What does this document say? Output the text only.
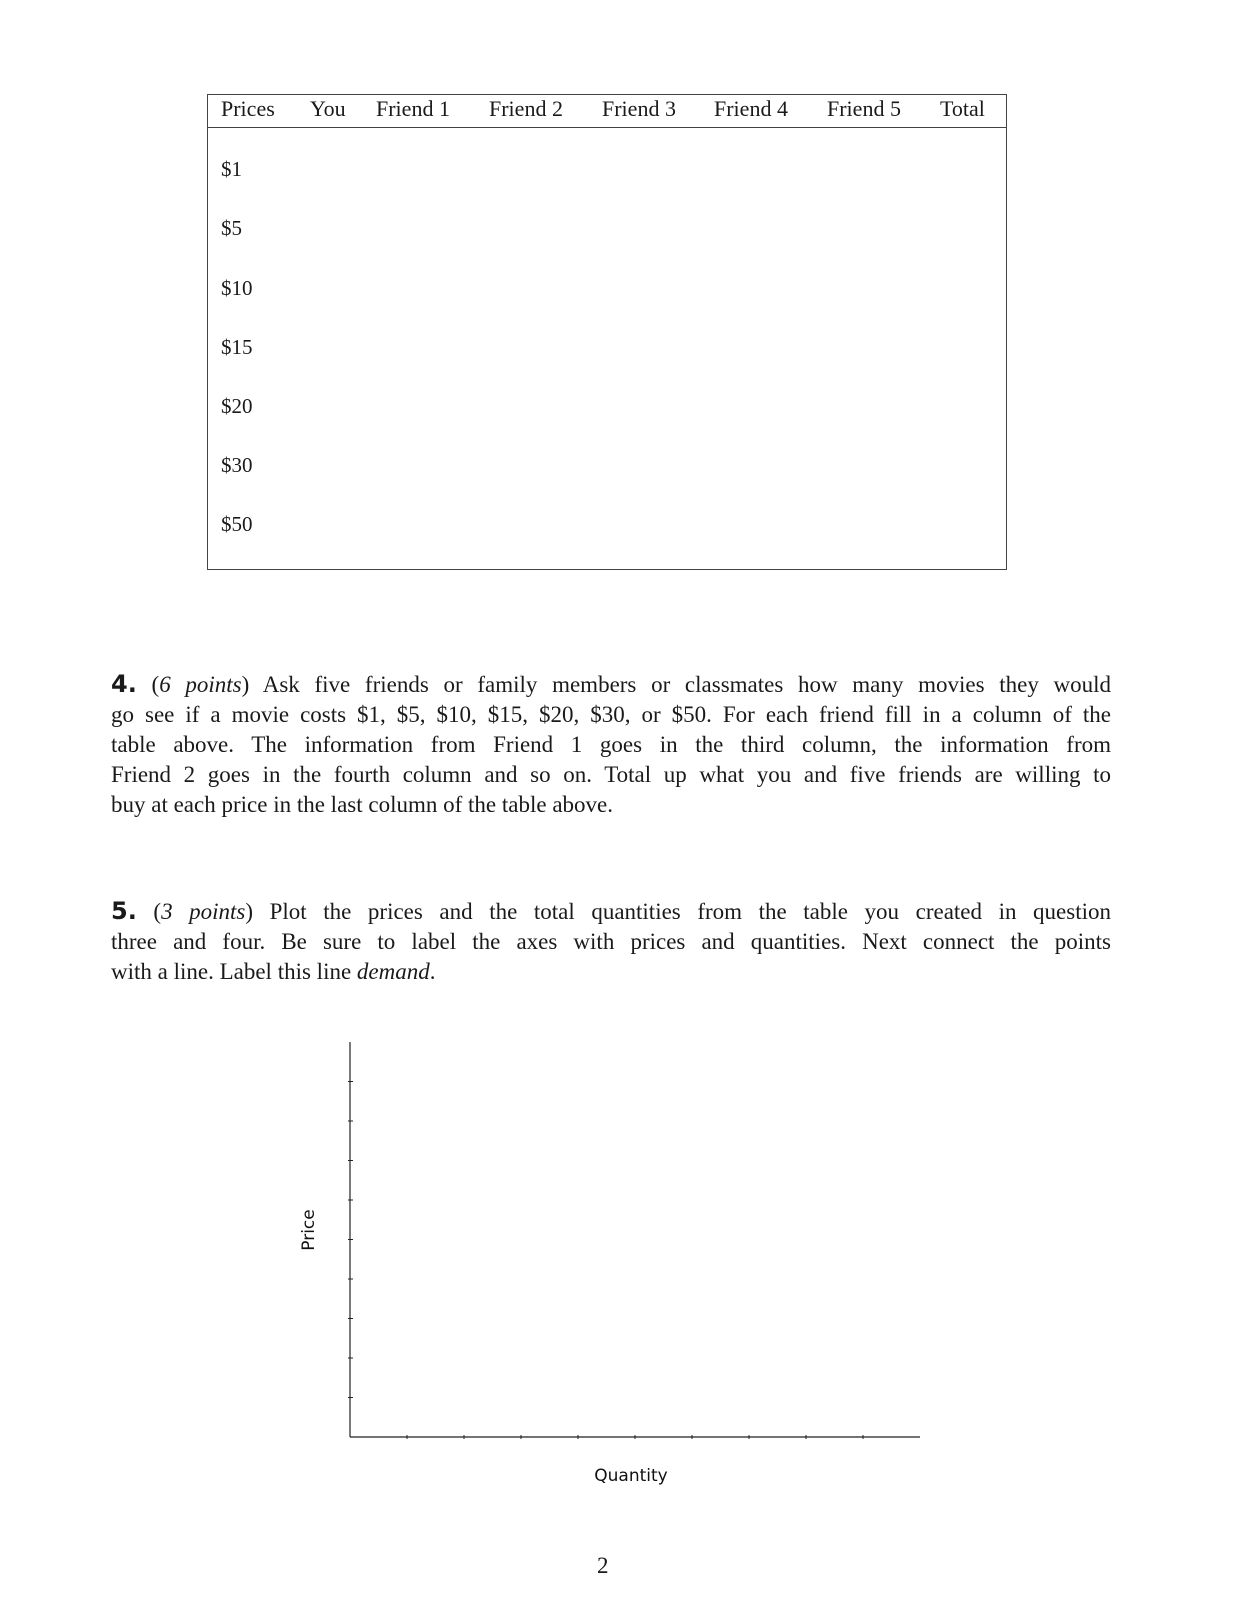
Prices You Friend 1 Friend 2 Friend 3 Friend 4 Friend 5 Total
$1
$5
$10
$15
$20
$30
$50
4. (6 points) Ask five friends or family members or classmates how many movies they would
go see if a movie costs $1, $5, $10, $15, $20, $30, or $50. For each friend fill in a column of the
table above. The information from Friend 1 goes in the third column, the information from
Friend 2 goes in the fourth column and so on. Total up what you and five friends are willing to
buy at each price in the last column of the table above.
5. (3 points) Plot the prices and the total quantities from the table you created in question
three and four. Be sure to label the axes with prices and quantities. Next connect the points
with a line. Label this line demand.
Price
Quantity
2
